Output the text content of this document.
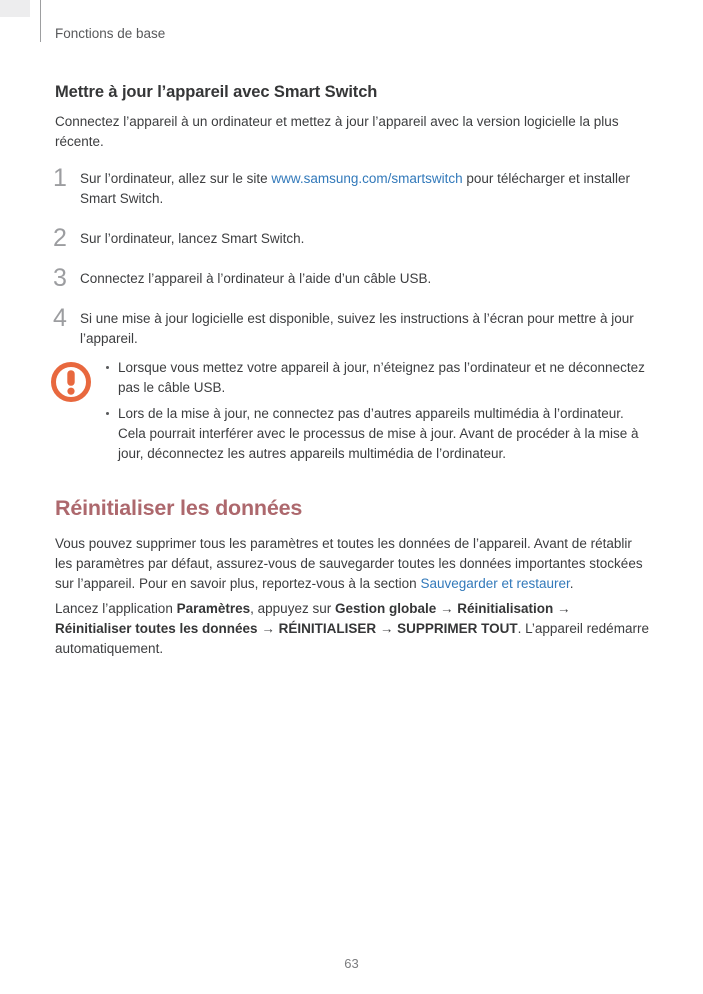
Fonctions de base
Mettre à jour l’appareil avec Smart Switch

Connectez l’appareil à un ordinateur et mettez à jour l’appareil avec la version logicielle la plus récente.

1 Sur l’ordinateur, allez sur le site www.samsung.com/smartswitch pour télécharger et installer Smart Switch.
2 Sur l’ordinateur, lancez Smart Switch.
3 Connectez l’appareil à l’ordinateur à l’aide d’un câble USB.
4 Si une mise à jour logicielle est disponible, suivez les instructions à l’écran pour mettre à jour l’appareil.
Lorsque vous mettez votre appareil à jour, n’éteignez pas l’ordinateur et ne déconnectez pas le câble USB.
Lors de la mise à jour, ne connectez pas d’autres appareils multimédia à l’ordinateur. Cela pourrait interférer avec le processus de mise à jour. Avant de procéder à la mise à jour, déconnectez les autres appareils multimédia de l’ordinateur.
Réinitialiser les données

Vous pouvez supprimer tous les paramètres et toutes les données de l’appareil. Avant de rétablir les paramètres par défaut, assurez-vous de sauvegarder toutes les données importantes stockées sur l’appareil. Pour en savoir plus, reportez-vous à la section Sauvegarder et restaurer.

Lancez l’application Paramètres, appuyez sur Gestion globale → Réinitialisation → Réinitialiser toutes les données → RÉINITIALISER → SUPPRIMER TOUT. L’appareil redémarre automatiquement.

63
